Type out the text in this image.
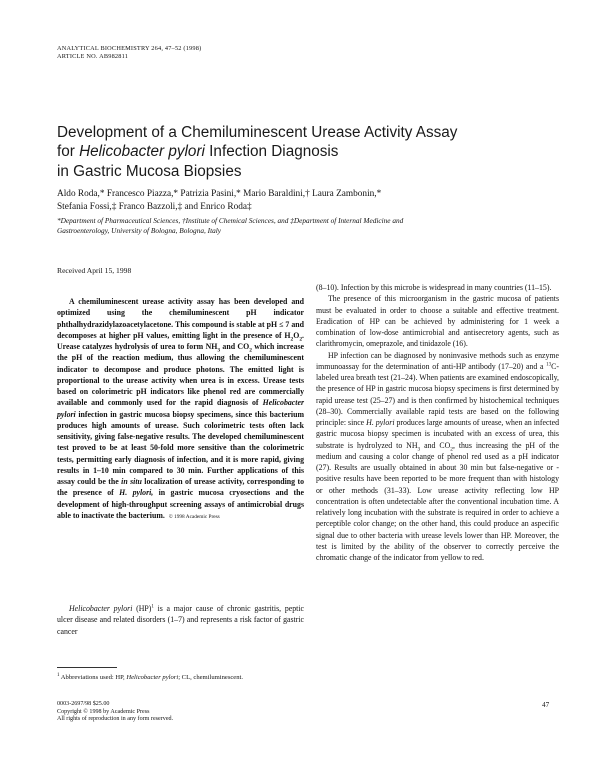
ANALYTICAL BIOCHEMISTRY 264, 47–52 (1998)
ARTICLE NO. AB982811
Development of a Chemiluminescent Urease Activity Assay
for Helicobacter pylori Infection Diagnosis
in Gastric Mucosa Biopsies
Aldo Roda,* Francesco Piazza,* Patrizia Pasini,* Mario Baraldini,† Laura Zambonin,*
Stefania Fossi,‡ Franco Bazzoli,‡ and Enrico Roda‡
*Department of Pharmaceutical Sciences, †Institute of Chemical Sciences, and ‡Department of Internal Medicine and
Gastroenterology, University of Bologna, Bologna, Italy
Received April 15, 1998

A chemiluminescent urease activity assay has been developed and optimized using the chemiluminescent pH indicator phthalhydrazidylazoacetylacetone. This compound is stable at pH ≤ 7 and decomposes at higher pH values, emitting light in the presence of $H_2O_2$. Urease catalyzes hydrolysis of urea to form $NH_3$ and $CO_2$ which increase the pH of the reaction medium, thus allowing the chemiluminescent indicator to decompose and produce photons. The emitted light is proportional to the urease activity when urea is in excess. Urease tests based on colorimetric pH indicators like phenol red are commercially available and commonly used for the rapid diagnosis of Helicobacter pylori infection in gastric mucosa biopsy specimens, since this bacterium produces high amounts of urease. Such colorimetric tests often lack sensitivity, giving false-negative results. The developed chemiluminescent test proved to be at least 50-fold more sensitive than the colorimetric tests, permitting early diagnosis of infection, and it is more rapid, giving results in 1–10 min compared to 30 min. Further applications of this assay could be the in situ localization of urease activity, corresponding to the presence of H. pylori, in gastric mucosa cryosections and the development of high-throughput screening assays of antimicrobial drugs able to inactivate the bacterium. © 1998 Academic Press

Helicobacter pylori (HP)$^1$ is a major cause of chronic gastritis, peptic ulcer disease and related disorders (1–7) and represents a risk factor of gastric cancer

$^1$ Abbreviations used: HP, Helicobacter pylori; CL, chemiluminescent.

(8–10). Infection by this microbe is widespread in many countries (11–15).

The presence of this microorganism in the gastric mucosa of patients must be evaluated in order to choose a suitable and effective treatment. Eradication of HP can be achieved by administering for 1 week a combination of low-dose antimicrobial and antisecretory agents, such as clarithromycin, omeprazole, and tinidazole (16).

HP infection can be diagnosed by noninvasive methods such as enzyme immunoassay for the determination of anti-HP antibody (17–20) and a $^{13}$C-labeled urea breath test (21–24). When patients are examined endoscopically, the presence of HP in gastric mucosa biopsy specimens is first determined by rapid urease test (25–27) and is then confirmed by histochemical techniques (28–30). Commercially available rapid tests are based on the following principle: since H. pylori produces large amounts of urease, when an infected gastric mucosa biopsy specimen is incubated with an excess of urea, this substrate is hydrolyzed to $NH_3$ and $CO_2$, thus increasing the pH of the medium and causing a color change of phenol red used as a pH indicator (27). Results are usually obtained in about 30 min but false-negative or -positive results have been reported to be more frequent than with histology or other methods (31–33). Low urease activity reflecting low HP concentration is often undetectable after the conventional incubation time. A relatively long incubation with the substrate is required in order to achieve a perceptible color change; on the other hand, this could produce an aspecific signal due to other bacteria with urease levels lower than HP. Moreover, the test is limited by the ability of the observer to correctly perceive the chromatic change of the indicator from yellow to red.

0003-2697/98 $25.00
Copyright © 1998 by Academic Press
All rights of reproduction in any form reserved.
47
